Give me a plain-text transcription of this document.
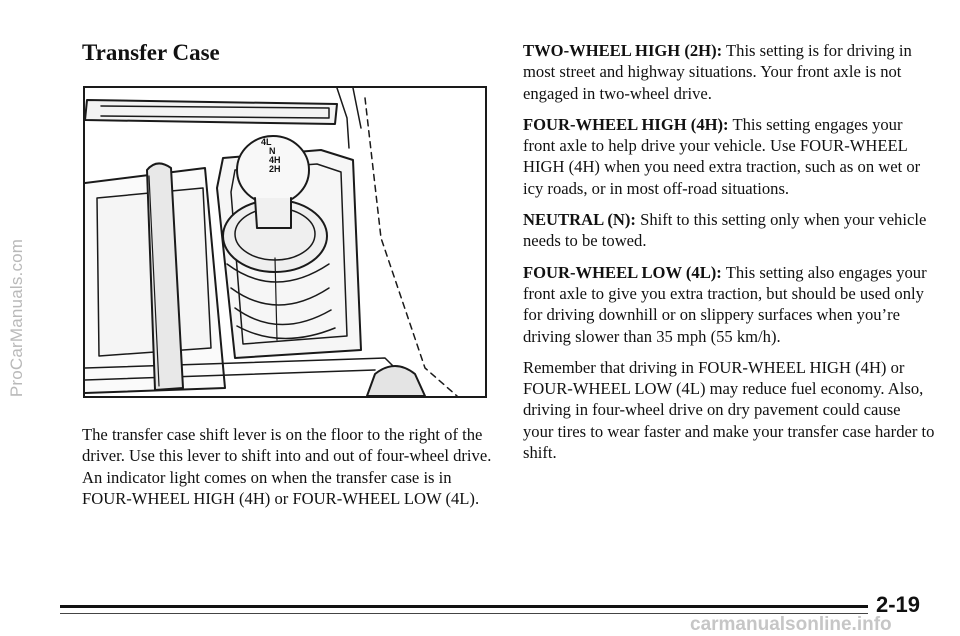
ProCarManuals.com
Transfer Case
4L
N
4H
2H

The transfer case shift lever is on the floor to the right of the driver. Use this lever to shift into and out of four-wheel drive. An indicator light comes on when the transfer case is in FOUR-WHEEL HIGH (4H) or FOUR-WHEEL LOW (4L).

TWO-WHEEL HIGH (2H): This setting is for driving in most street and highway situations. Your front axle is not engaged in two-wheel drive.

FOUR-WHEEL HIGH (4H): This setting engages your front axle to help drive your vehicle. Use FOUR-WHEEL HIGH (4H) when you need extra traction, such as on wet or icy roads, or in most off-road situations.

NEUTRAL (N): Shift to this setting only when your vehicle needs to be towed.

FOUR-WHEEL LOW (4L): This setting also engages your front axle to give you extra traction, but should be used only for driving downhill or on slippery surfaces when you’re driving slower than 35 mph (55 km/h).

Remember that driving in FOUR-WHEEL HIGH (4H) or FOUR-WHEEL LOW (4L) may reduce fuel economy. Also, driving in four-wheel drive on dry pavement could cause your tires to wear faster and make your transfer case harder to shift.

2-19
carmanualsonline.info
